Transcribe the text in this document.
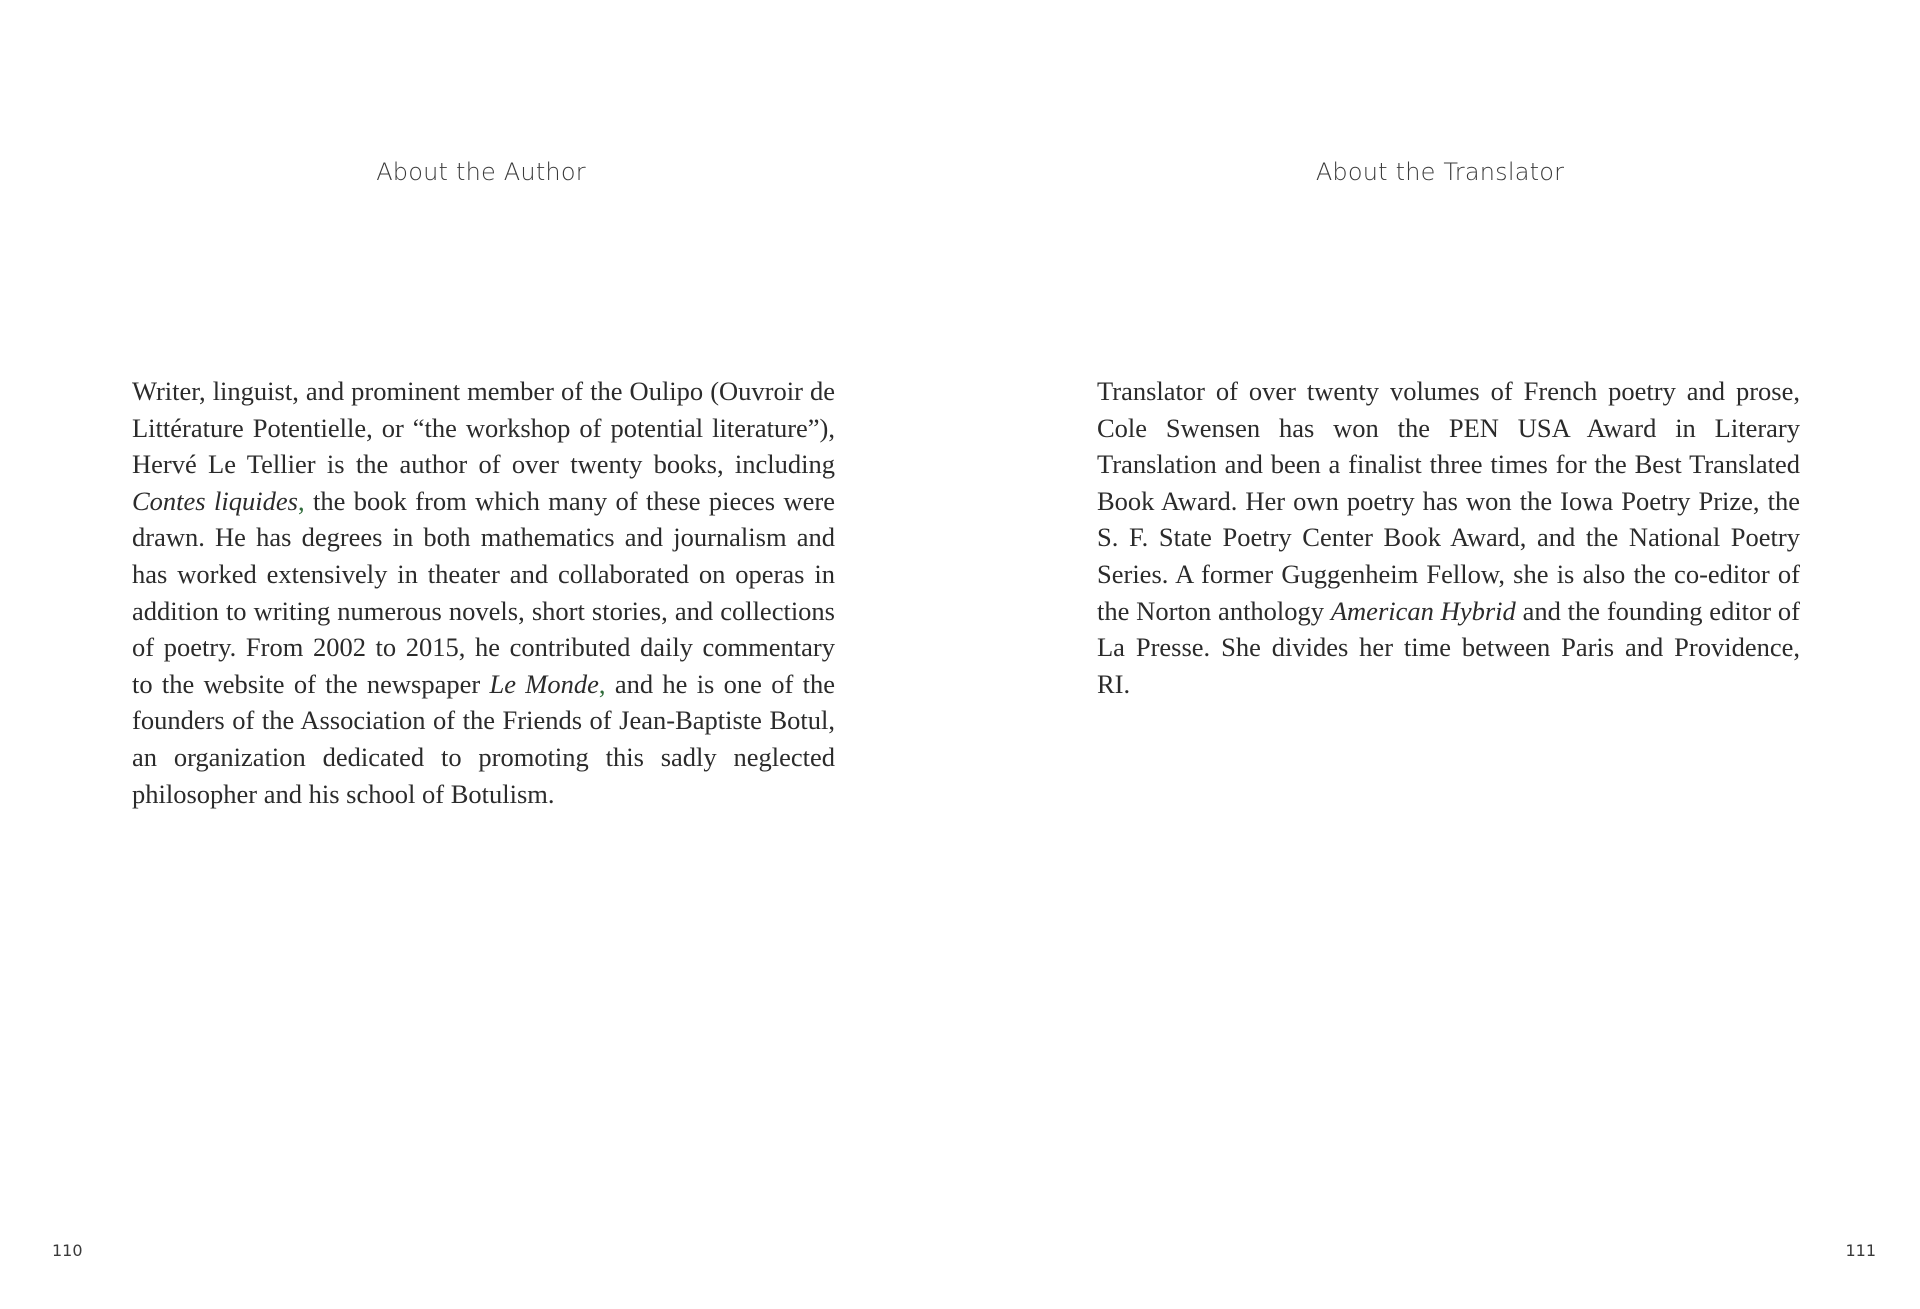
About the Author

Writer, linguist, and prominent member of the Oulipo (Ouvroir de Littérature Potentielle, or “the workshop of potential literature”), Hervé Le Tellier is the author of over twenty books, including Contes liquides, the book from which many of these pieces were drawn. He has degrees in both mathematics and journalism and has worked extensively in theater and collaborated on operas in addition to writing numerous novels, short stories, and collections of poetry. From 2002 to 2015, he contributed daily commentary to the website of the newspaper Le Monde, and he is one of the founders of the Association of the Friends of Jean-Baptiste Botul, an organization dedicated to promoting this sadly neglected philosopher and his school of Botulism.

110
About the Translator

Translator of over twenty volumes of French poetry and prose, Cole Swensen has won the PEN USA Award in Literary Translation and been a finalist three times for the Best Translated Book Award. Her own poetry has won the Iowa Poetry Prize, the S. F. State Poetry Center Book Award, and the National Poetry Series. A former Guggenheim Fellow, she is also the co-editor of the Norton anthology American Hybrid and the founding editor of La Presse. She divides her time between Paris and Providence, RI.

111
